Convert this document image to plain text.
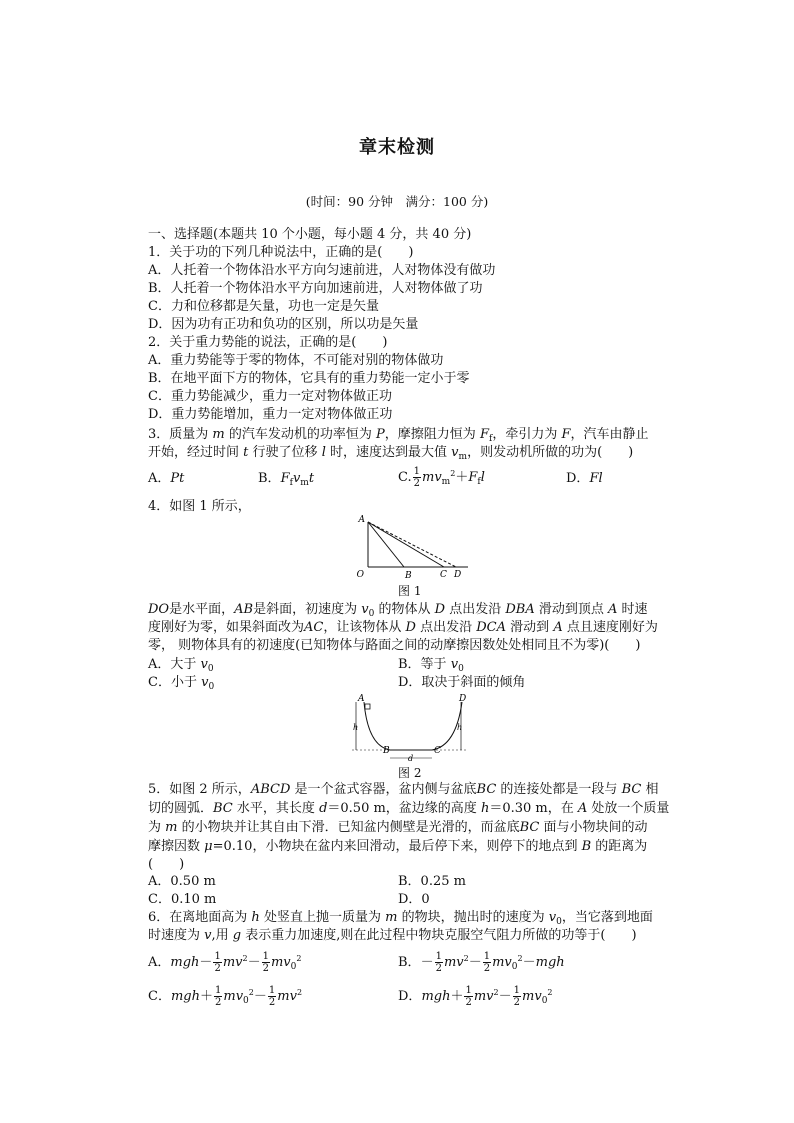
章末检测
(时间：90 分钟　满分：100 分)
一、选择题(本题共 10 个小题，每小题 4 分，共 40 分)
1．关于功的下列几种说法中，正确的是(　　)
A．人托着一个物体沿水平方向匀速前进，人对物体没有做功
B．人托着一个物体沿水平方向加速前进，人对物体做了功
C．力和位移都是矢量，功也一定是矢量
D．因为功有正功和负功的区别，所以功是矢量
2．关于重力势能的说法，正确的是(　　)
A．重力势能等于零的物体，不可能对别的物体做功
B．在地平面下方的物体，它具有的重力势能一定小于零
C．重力势能减少，重力一定对物体做正功
D．重力势能增加，重力一定对物体做正功
3．质量为 m 的汽车发动机的功率恒为 P，摩擦阻力恒为 $F_f$，牵引力为 F，汽车由静止
开始，经过时间 t 行驶了位移 l 时，速度达到最大值 $v_m$，则发动机所做的功为(　　)
A．Pt	B．$F_fv_mt$	C. $\frac{1}{2} mv_m^2+F_fl$	D．Fl
4．如图 1 所示，
A
O	B	C D
图 1
DO是水平面，AB是斜面，初速度为 $v_0$ 的物体从 D 点出发沿 DBA 滑动到顶点 A 时速
度刚好为零，如果斜面改为AC，让该物体从 D 点出发沿 DCA 滑动到 A 点且速度刚好为
零， 则物体具有的初速度(已知物体与路面之间的动摩擦因数处处相同且不为零)(　　)
A．大于 $v_0$	B．等于 $v_0$
C．小于 $v_0$	D．取决于斜面的倾角
A	D
h	h
B	C
d
图 2
5．如图 2 所示，ABCD 是一个盆式容器，盆内侧与盆底BC 的连接处都是一段与 BC 相
切的圆弧．BC 水平，其长度 d＝0.50 m，盆边缘的高度 h＝0.30 m，在 A 处放一个质量
为 m 的小物块并让其自由下滑．已知盆内侧壁是光滑的，而盆底BC 面与小物块间的动
摩擦因数 μ=0.10，小物块在盆内来回滑动，最后停下来，则停下的地点到 B 的距离为
(　　)
A．0.50 m	B．0.25 m
C．0.10 m	D．0
6．在离地面高为 h 处竖直上抛一质量为 m 的物块，抛出时的速度为 $v_0$，当它落到地面
时速度为 v,用 g 表示重力加速度,则在此过程中物块克服空气阻力所做的功等于(　　)
A．$mgh- \frac{1}{2} mv^2- \frac{1}{2} mv_0^2$	B．－ $\frac{1}{2} mv^2- \frac{1}{2} mv_0^2-mgh$
C．$mgh+ \frac{1}{2} mv_0^2- \frac{1}{2} mv^2$	D．$mgh+ \frac{1}{2} mv^2- \frac{1}{2} mv_0^2$
